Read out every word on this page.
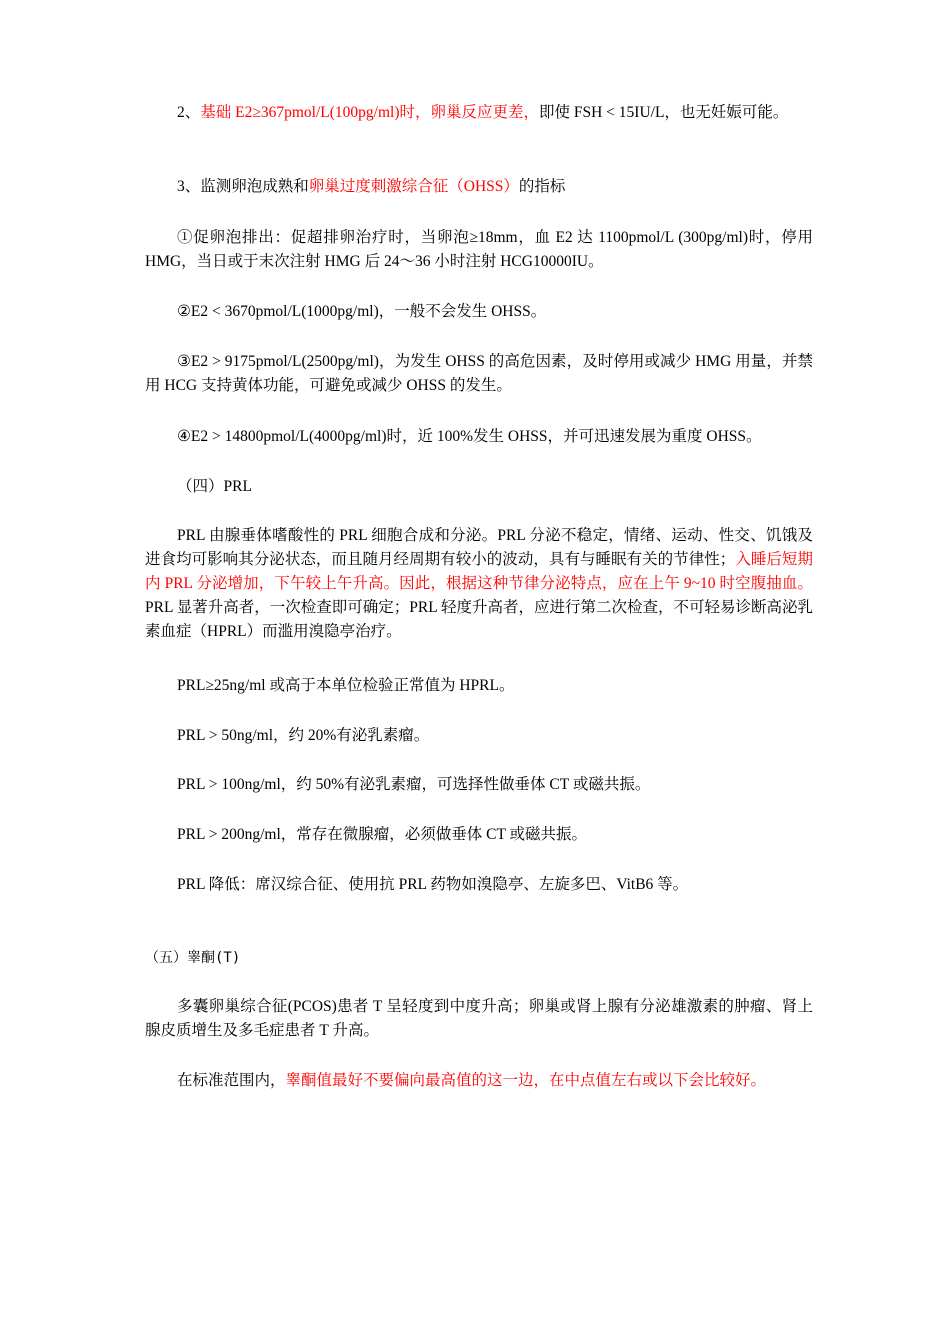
2、基础 E2≥367pmol/L(100pg/ml)时，卵巢反应更差，即使 FSH < 15IU/L，也无妊娠可能。

3、监测卵泡成熟和卵巢过度刺激综合征（OHSS）的指标

①促卵泡排出：促超排卵治疗时，当卵泡≥18mm，血 E2 达 1100pmol/L (300pg/ml)时，停用 HMG，当日或于末次注射 HMG 后 24～36 小时注射 HCG10000IU。

②E2 < 3670pmol/L(1000pg/ml)，一般不会发生 OHSS。

③E2 > 9175pmol/L(2500pg/ml)，为发生 OHSS 的高危因素，及时停用或减少 HMG 用量，并禁用 HCG 支持黄体功能，可避免或减少 OHSS 的发生。

④E2 > 14800pmol/L(4000pg/ml)时，近 100%发生 OHSS，并可迅速发展为重度 OHSS。

（四）PRL

PRL 由腺垂体嗜酸性的 PRL 细胞合成和分泌。PRL 分泌不稳定，情绪、运动、性交、饥饿及进食均可影响其分泌状态，而且随月经周期有较小的波动，具有与睡眠有关的节律性；入睡后短期内 PRL 分泌增加，下午较上午升高。因此，根据这种节律分泌特点，应在上午 9~10 时空腹抽血。PRL 显著升高者，一次检查即可确定；PRL 轻度升高者，应进行第二次检查，不可轻易诊断高泌乳素血症（HPRL）而滥用溴隐亭治疗。

PRL≥25ng/ml 或高于本单位检验正常值为 HPRL。

PRL > 50ng/ml，约 20%有泌乳素瘤。

PRL > 100ng/ml，约 50%有泌乳素瘤，可选择性做垂体 CT 或磁共振。

PRL > 200ng/ml，常存在微腺瘤，必须做垂体 CT 或磁共振。

PRL 降低：席汉综合征、使用抗 PRL 药物如溴隐亭、左旋多巴、VitB6 等。

（五）睾酮(T)

多囊卵巢综合征(PCOS)患者 T 呈轻度到中度升高；卵巢或肾上腺有分泌雄激素的肿瘤、肾上腺皮质增生及多毛症患者 T 升高。

在标准范围内，睾酮值最好不要偏向最高值的这一边，在中点值左右或以下会比较好。
